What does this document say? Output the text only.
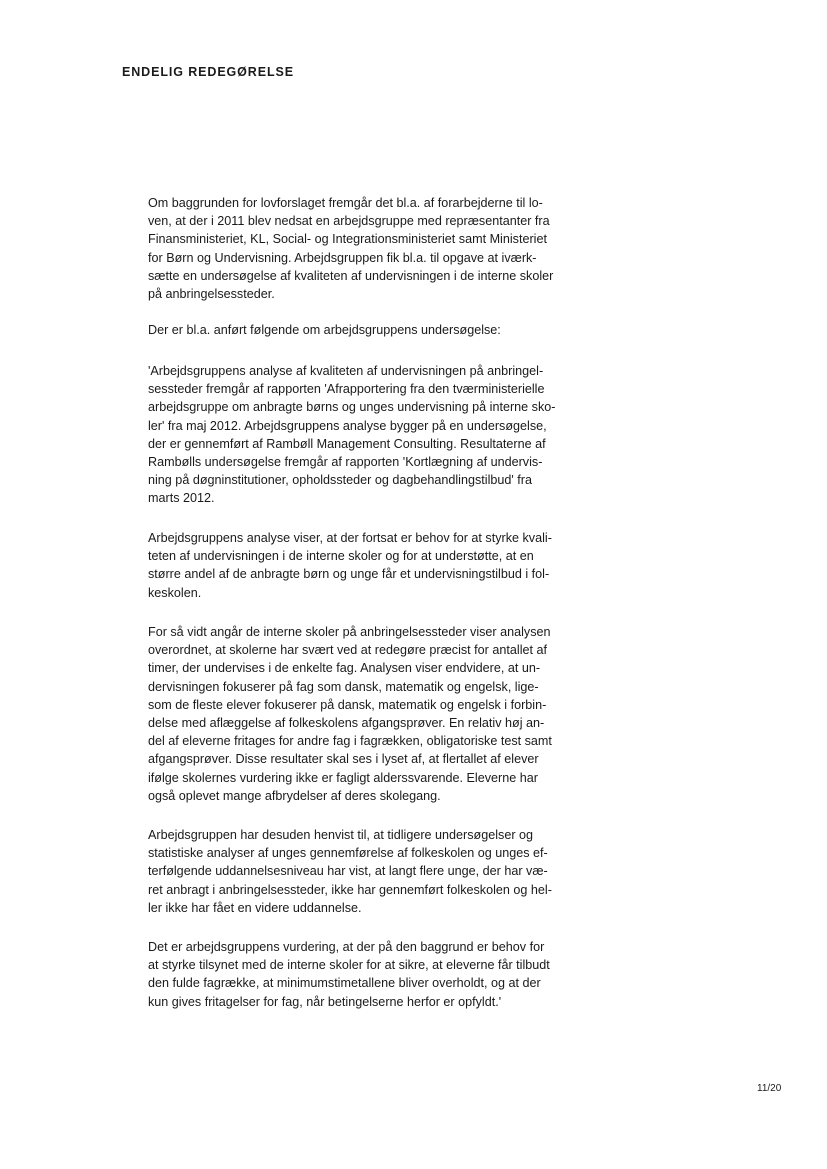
ENDELIG REDEGØRELSE
Om baggrunden for lovforslaget fremgår det bl.a. af forarbejderne til lo-
ven, at der i 2011 blev nedsat en arbejdsgruppe med repræsentanter fra
Finansministeriet, KL, Social- og Integrationsministeriet samt Ministeriet
for Børn og Undervisning. Arbejdsgruppen fik bl.a. til opgave at iværk-
sætte en undersøgelse af kvaliteten af undervisningen i de interne skoler
på anbringelsessteder.
Der er bl.a. anført følgende om arbejdsgruppens undersøgelse:
'Arbejdsgruppens analyse af kvaliteten af undervisningen på anbringel-
sessteder fremgår af rapporten 'Afrapportering fra den tværministerielle
arbejdsgruppe om anbragte børns og unges undervisning på interne sko-
ler' fra maj 2012. Arbejdsgruppens analyse bygger på en undersøgelse,
der er gennemført af Rambøll Management Consulting. Resultaterne af
Rambølls undersøgelse fremgår af rapporten 'Kortlægning af undervis-
ning på døgninstitutioner, opholdssteder og dagbehandlingstilbud' fra
marts 2012.
Arbejdsgruppens analyse viser, at der fortsat er behov for at styrke kvali-
teten af undervisningen i de interne skoler og for at understøtte, at en
større andel af de anbragte børn og unge får et undervisningstilbud i fol-
keskolen.
For så vidt angår de interne skoler på anbringelsessteder viser analysen
overordnet, at skolerne har svært ved at redegøre præcist for antallet af
timer, der undervises i de enkelte fag. Analysen viser endvidere, at un-
dervisningen fokuserer på fag som dansk, matematik og engelsk, lige-
som de fleste elever fokuserer på dansk, matematik og engelsk i forbin-
delse med aflæggelse af folkeskolens afgangsprøver. En relativ høj an-
del af eleverne fritages for andre fag i fagrækken, obligatoriske test samt
afgangsprøver. Disse resultater skal ses i lyset af, at flertallet af elever
ifølge skolernes vurdering ikke er fagligt alderssvarende. Eleverne har
også oplevet mange afbrydelser af deres skolegang.
Arbejdsgruppen har desuden henvist til, at tidligere undersøgelser og
statistiske analyser af unges gennemførelse af folkeskolen og unges ef-
terfølgende uddannelsesniveau har vist, at langt flere unge, der har væ-
ret anbragt i anbringelsessteder, ikke har gennemført folkeskolen og hel-
ler ikke har fået en videre uddannelse.
Det er arbejdsgruppens vurdering, at der på den baggrund er behov for
at styrke tilsynet med de interne skoler for at sikre, at eleverne får tilbudt
den fulde fagrække, at minimumstimetallene bliver overholdt, og at der
kun gives fritagelser for fag, når betingelserne herfor er opfyldt.'
11/20
